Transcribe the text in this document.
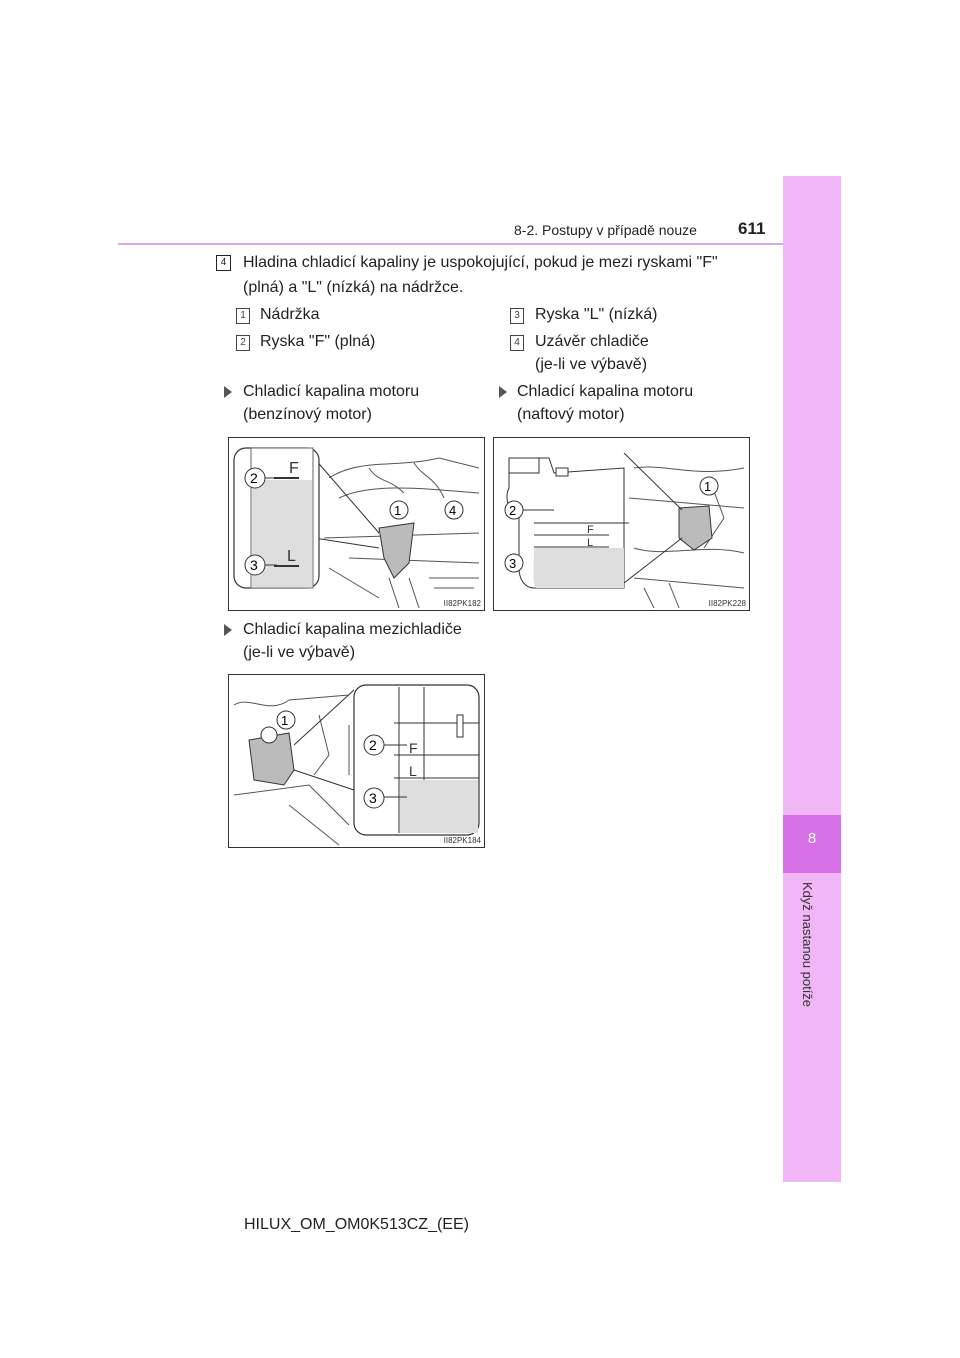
8-2. Postupy v případě nouze 611
8
Když nastanou potíže
4 Hladina chladicí kapaliny je uspokojující, pokud je mezi ryskami "F" (plná) a "L" (nízká) na nádržce.
1 Nádržka
2 Ryska "F" (plná)
3 Ryska "L" (nízká)
4 Uzávěr chladiče
(je-li ve výbavě)
Chladicí kapalina motoru
(benzínový motor)
Chladicí kapalina motoru
(naftový motor)
F
L
2
3
1	4
II82PK182
F
L
2
3
1
II82PK228
Chladicí kapalina mezichladiče
(je-li ve výbavě)
F
L
2
3
1
II82PK184
HILUX_OM_OM0K513CZ_(EE)
